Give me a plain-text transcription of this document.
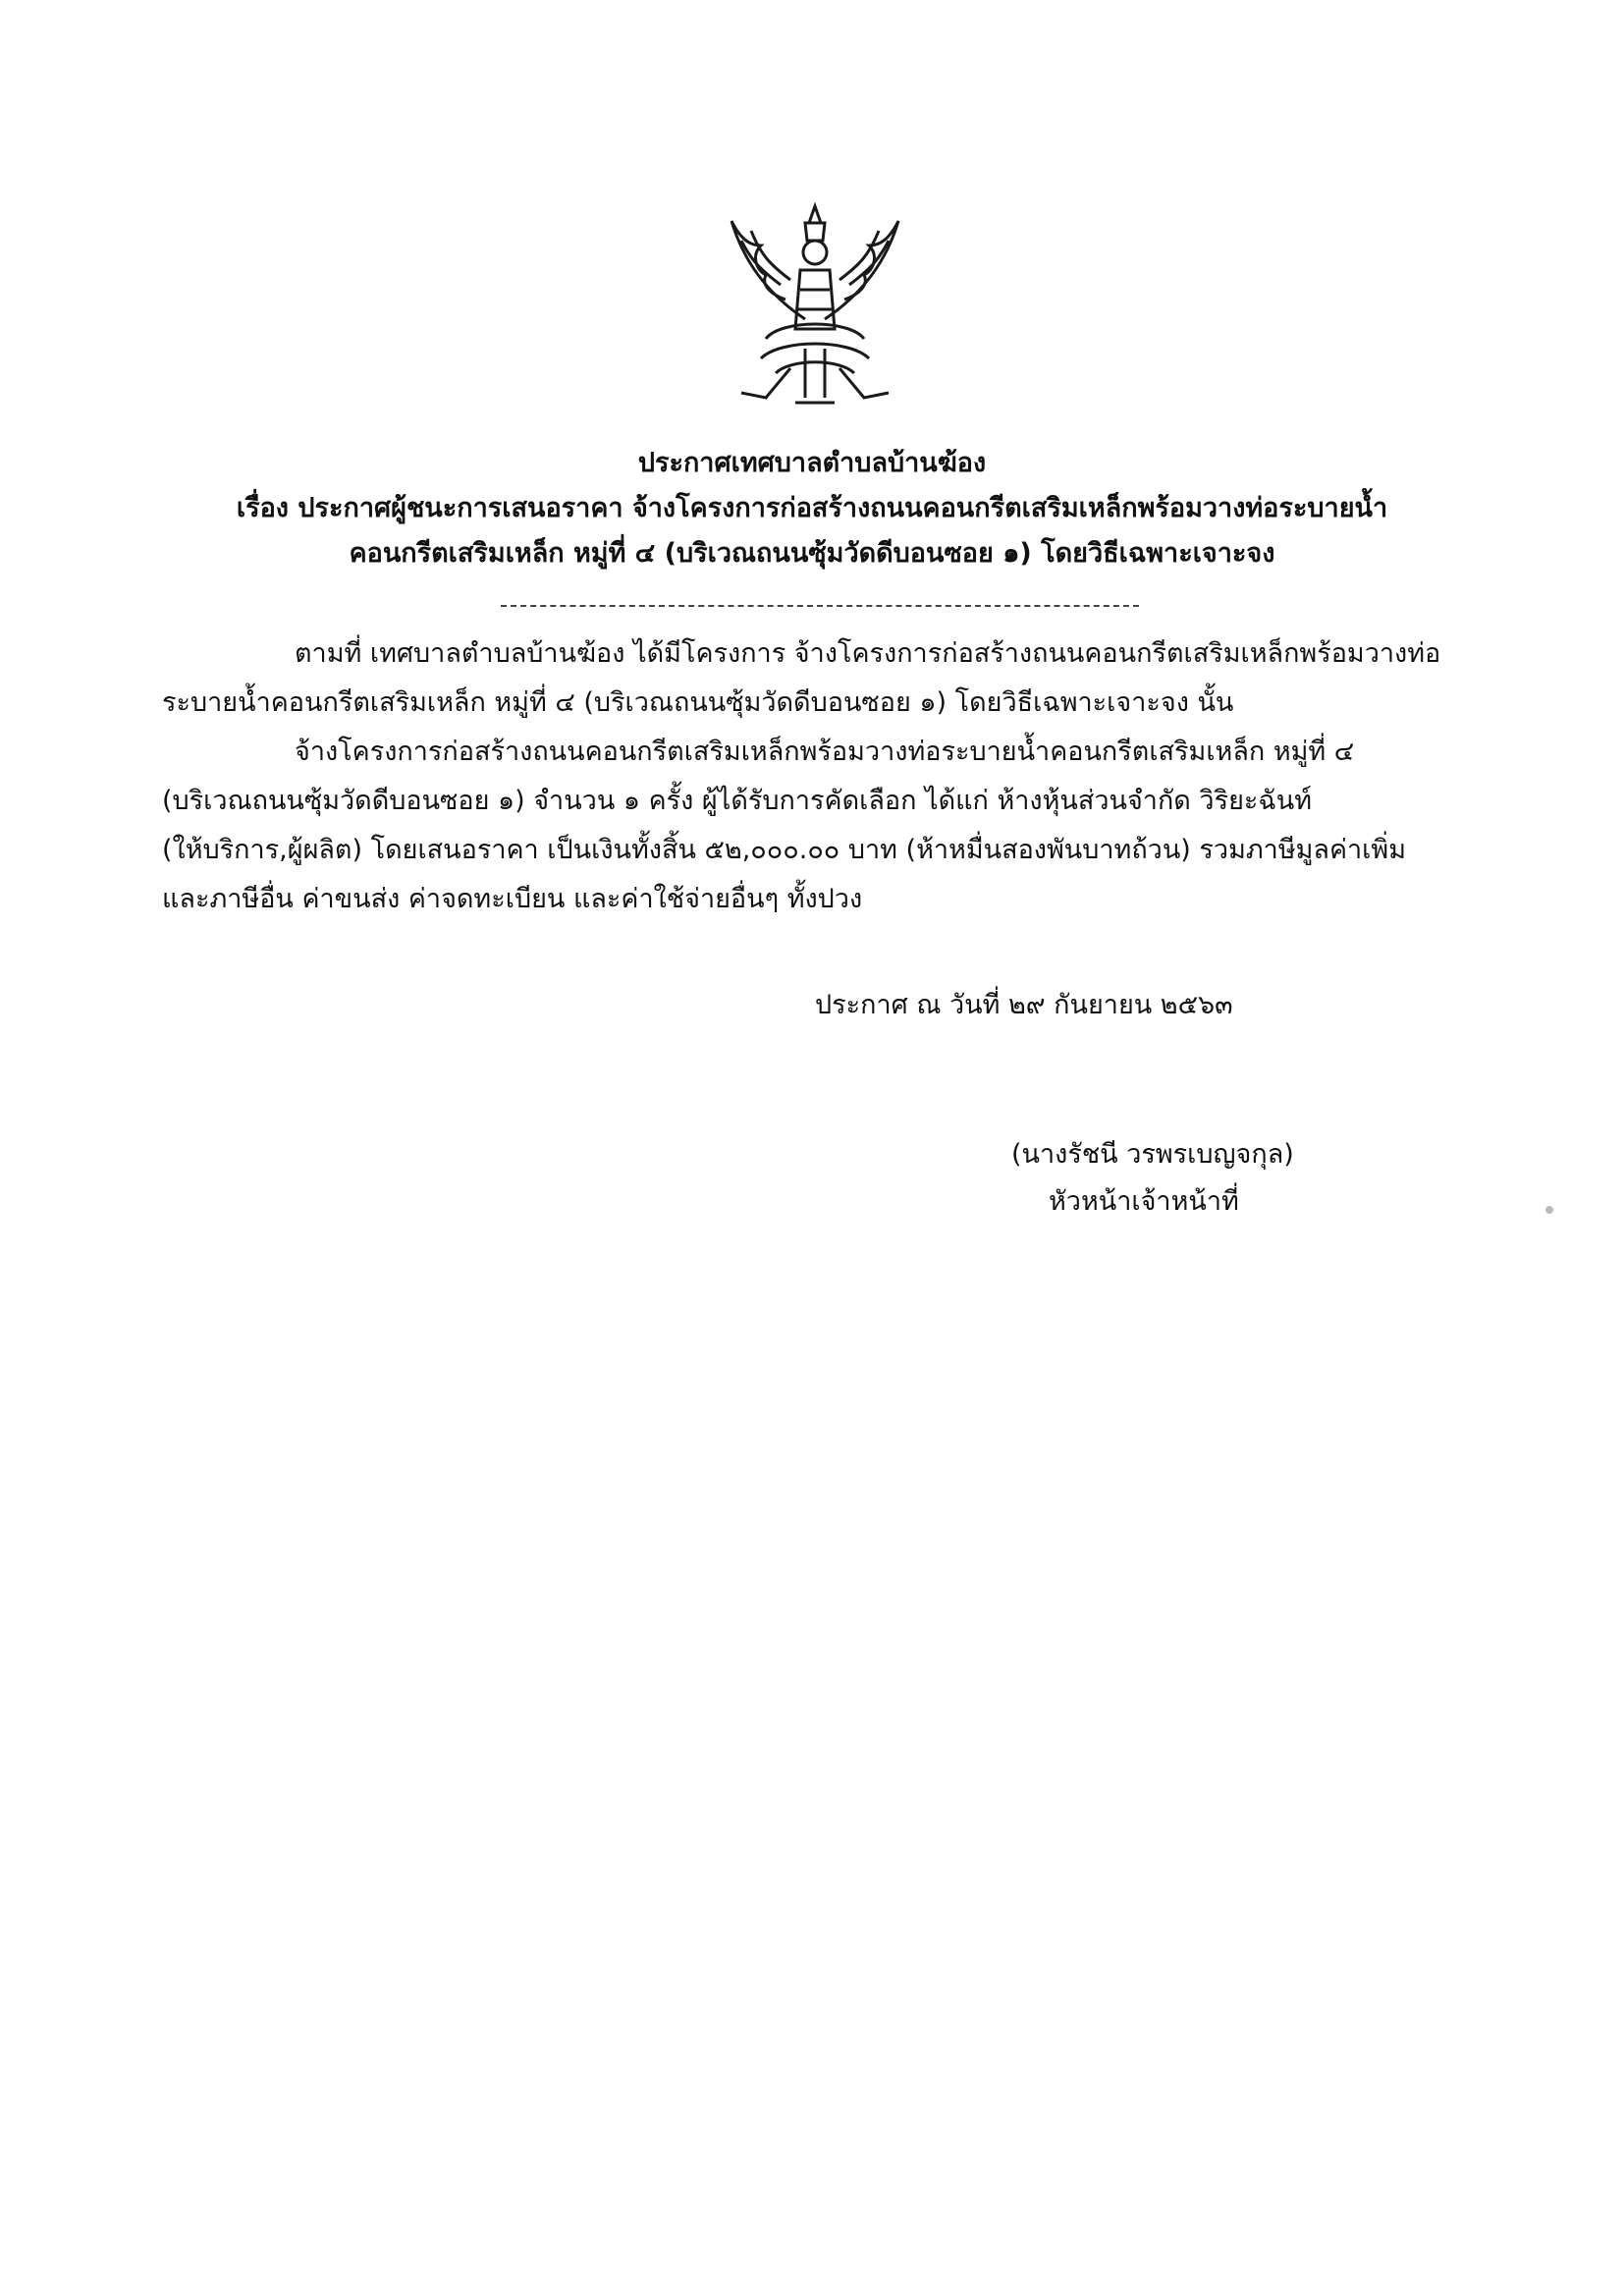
ประกาศเทศบาลตำบลบ้านฆ้อง
เรื่อง ประกาศผู้ชนะการเสนอราคา จ้างโครงการก่อสร้างถนนคอนกรีตเสริมเหล็กพร้อมวางท่อระบายน้ำ
คอนกรีตเสริมเหล็ก หมู่ที่ ๔ (บริเวณถนนซุ้มวัดดีบอนซอย ๑) โดยวิธีเฉพาะเจาะจง
ตามที่ เทศบาลตำบลบ้านฆ้อง ได้มีโครงการ จ้างโครงการก่อสร้างถนนคอนกรีตเสริมเหล็กพร้อมวางท่อ
ระบายน้ำคอนกรีตเสริมเหล็ก หมู่ที่ ๔ (บริเวณถนนซุ้มวัดดีบอนซอย ๑) โดยวิธีเฉพาะเจาะจง นั้น
จ้างโครงการก่อสร้างถนนคอนกรีตเสริมเหล็กพร้อมวางท่อระบายน้ำคอนกรีตเสริมเหล็ก หมู่ที่ ๔
(บริเวณถนนซุ้มวัดดีบอนซอย ๑) จำนวน ๑ ครั้ง ผู้ได้รับการคัดเลือก ได้แก่ ห้างหุ้นส่วนจำกัด วิริยะฉันท์
(ให้บริการ,ผู้ผลิต) โดยเสนอราคา เป็นเงินทั้งสิ้น ๕๒,๐๐๐.๐๐ บาท (ห้าหมื่นสองพันบาทถ้วน) รวมภาษีมูลค่าเพิ่ม
และภาษีอื่น ค่าขนส่ง ค่าจดทะเบียน และค่าใช้จ่ายอื่นๆ ทั้งปวง
ประกาศ ณ วันที่ ๒๙ กันยายน ๒๕๖๓
(นางรัชนี วรพรเบญจกุล)
หัวหน้าเจ้าหน้าที่
